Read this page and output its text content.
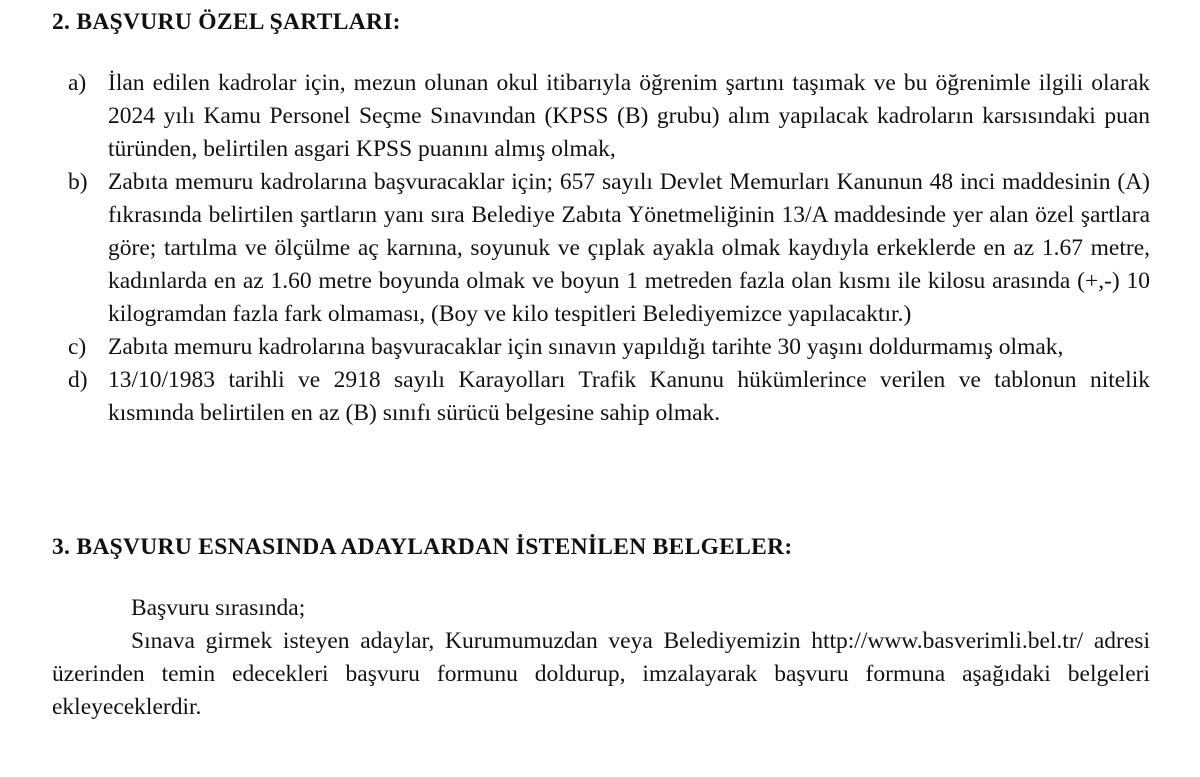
2. BAŞVURU ÖZEL ŞARTLARI:
a) İlan edilen kadrolar için, mezun olunan okul itibarıyla öğrenim şartını taşımak ve bu öğrenimle ilgili olarak 2024 yılı Kamu Personel Seçme Sınavından (KPSS (B) grubu) alım yapılacak kadroların karsısındaki puan türünden, belirtilen asgari KPSS puanını almış olmak,
b) Zabıta memuru kadrolarına başvuracaklar için; 657 sayılı Devlet Memurları Kanunun 48 inci maddesinin (A) fıkrasında belirtilen şartların yanı sıra Belediye Zabıta Yönetmeliğinin 13/A maddesinde yer alan özel şartlara göre; tartılma ve ölçülme aç karnına, soyunuk ve çıplak ayakla olmak kaydıyla erkeklerde en az 1.67 metre, kadınlarda en az 1.60 metre boyunda olmak ve boyun 1 metreden fazla olan kısmı ile kilosu arasında (+,-) 10 kilogramdan fazla fark olmaması, (Boy ve kilo tespitleri Belediyemizce yapılacaktır.)
c) Zabıta memuru kadrolarına başvuracaklar için sınavın yapıldığı tarihte 30 yaşını doldurmamış olmak,
d) 13/10/1983 tarihli ve 2918 sayılı Karayolları Trafik Kanunu hükümlerince verilen ve tablonun nitelik kısmında belirtilen en az (B) sınıfı sürücü belgesine sahip olmak.
3. BAŞVURU ESNASINDA ADAYLARDAN İSTENİLEN BELGELER:
Başvuru sırasında;
Sınava girmek isteyen adaylar, Kurumumuzdan veya Belediyemizin http://www.basverimli.bel.tr/ adresi üzerinden temin edecekleri başvuru formunu doldurup, imzalayarak başvuru formuna aşağıdaki belgeleri ekleyeceklerdir.
